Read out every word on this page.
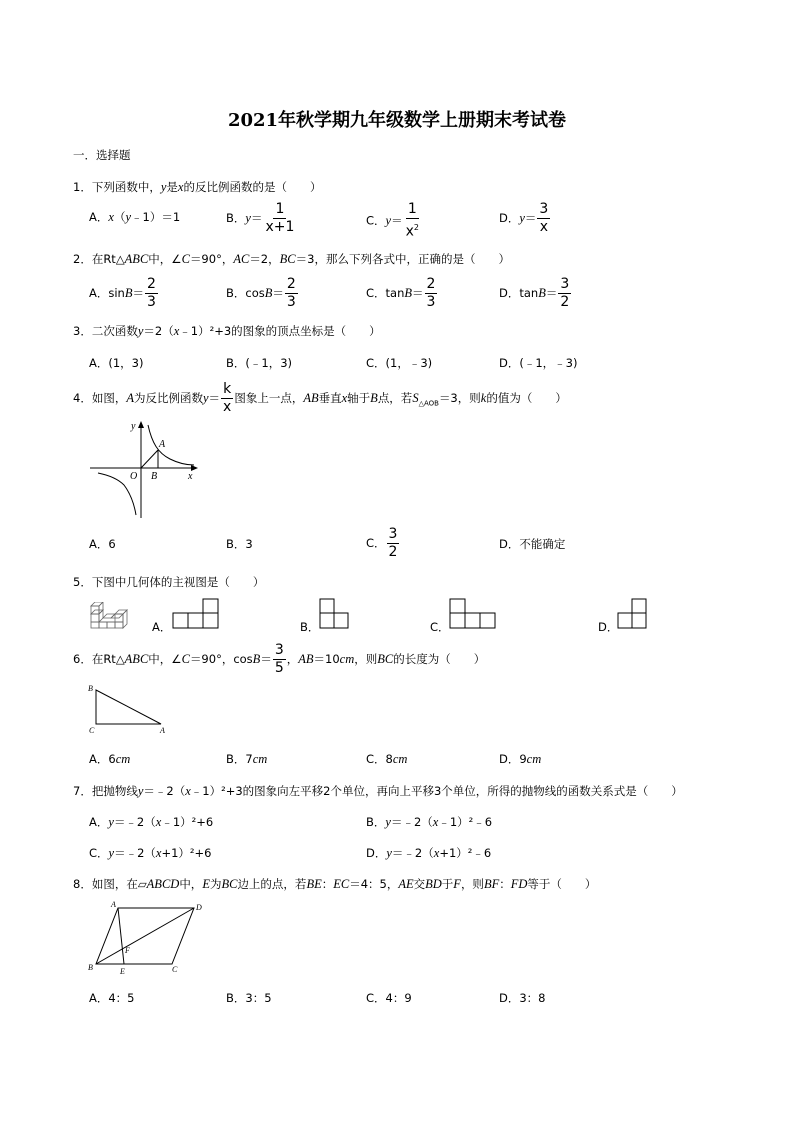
2021年秋学期九年级数学上册期末考试卷
一．选择题
1．下列函数中，y是x的反比例函数的是（　　）
A．x（y﹣1）＝1	B．$y= \frac{1}{x+1}$	C．$y= \frac{1}{x^2}$	D．$y= \frac{3}{x}$
2．在Rt△ABC中，∠C＝90°，AC＝2，BC＝3，那么下列各式中，正确的是（　　）
A．$\sin B= \frac{2}{3}$	B．$\cos B= \frac{2}{3}$	C．$\tan B= \frac{2}{3}$	D．$\tan B= \frac{3}{2}$
3．二次函数y＝2（x﹣1）²+3的图象的顶点坐标是（　　）
A．(1，3)	B．(﹣1，3)	C．(1，﹣3)	D．(﹣1，﹣3)
4．如图，A为反比例函数$y= \frac{k}{x}$ 图象上一点，AB垂直x轴于B点，若$S_{\triangle AOB}=3$，则k的值为（　　）
y
A
O B	x
A．6	B．3	C． $\frac{3}{2}$	D．不能确定
5．下图中几何体的主视图是（　　）
A．	B．	C．	D．
6．在Rt△ABC中，∠C＝90°，$\cos B= \frac{3}{5}$ ，AB＝10cm，则BC的长度为（　　）
B
C	A
A．6cm	B．7cm	C．8cm	D．9cm
7．把抛物线y＝﹣2（x﹣1）²+3的图象向左平移2个单位，再向上平移3个单位，所得的抛物线的函数关系式是（　　）
A．y＝﹣2（x﹣1）²+6	B．y＝﹣2（x﹣1）²﹣6
C．y＝﹣2（x+1）²+6	D．y＝﹣2（x+1）²﹣6
8．如图，在▱ABCD中，E为BC边上的点，若BE：EC＝4：5，AE交BD于F，则BF：FD等于（　　）
A	D
F
B	E	C
A．4：5	B．3：5	C．4：9	D．3：8
